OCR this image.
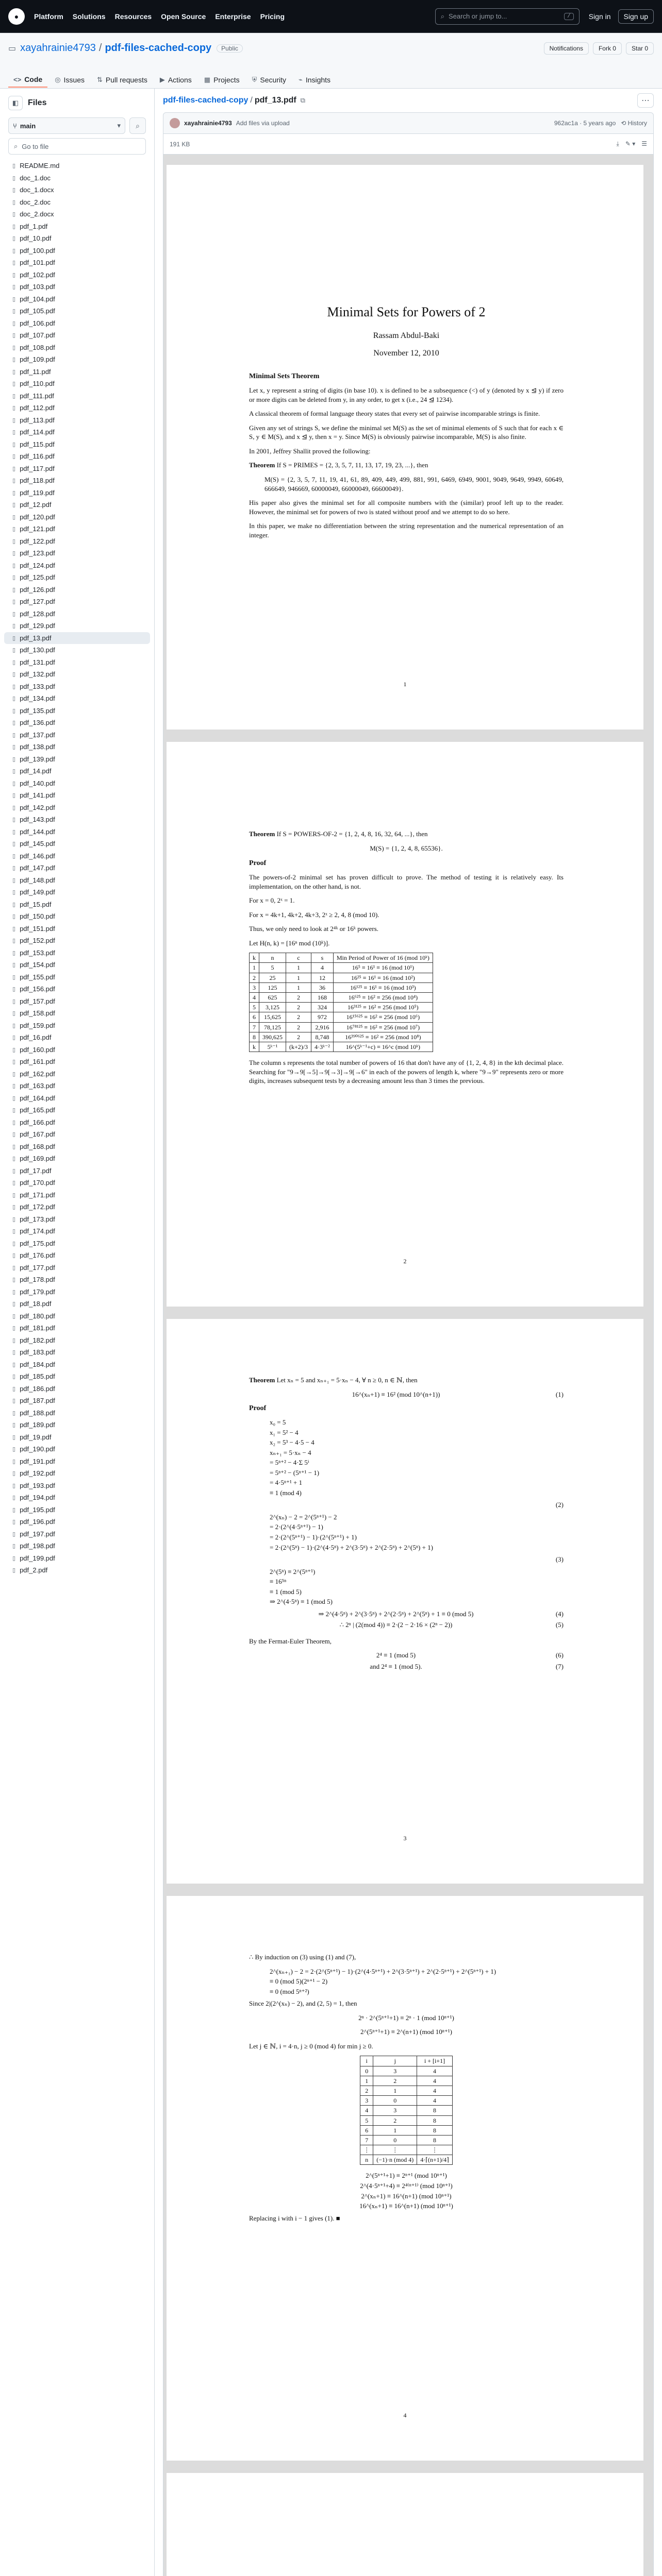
●	Platform Solutions Resources Open Source Enterprise Pricing	⌕ Search or jump to...	/	Sign in	Sign up
▭ xayahrainie4793 / pdf-files-cached-copy	Public	Notifications	Fork 0	Star 0
<> Code ◎ Issues ⇅ Pull requests ▶ Actions ▦ Projects ⛨ Security ⌁ Insights
◧	Files
⑂ main	▾ ⌕
⌕ Go to file
▯ README.md
▯ doc_1.doc
▯ doc_1.docx
▯ doc_2.doc
▯ doc_2.docx
▯ pdf_1.pdf
▯ pdf_10.pdf
▯ pdf_100.pdf
▯ pdf_101.pdf
▯ pdf_102.pdf
▯ pdf_103.pdf
▯ pdf_104.pdf
▯ pdf_105.pdf
▯ pdf_106.pdf
▯ pdf_107.pdf
▯ pdf_108.pdf
▯ pdf_109.pdf
▯ pdf_11.pdf
▯ pdf_110.pdf
▯ pdf_111.pdf
▯ pdf_112.pdf
▯ pdf_113.pdf
▯ pdf_114.pdf
▯ pdf_115.pdf
▯ pdf_116.pdf
▯ pdf_117.pdf
▯ pdf_118.pdf
▯ pdf_119.pdf
▯ pdf_12.pdf
▯ pdf_120.pdf
▯ pdf_121.pdf
▯ pdf_122.pdf
▯ pdf_123.pdf
▯ pdf_124.pdf
▯ pdf_125.pdf
▯ pdf_126.pdf
▯ pdf_127.pdf
▯ pdf_128.pdf
▯ pdf_129.pdf
▯ pdf_13.pdf
▯ pdf_130.pdf
▯ pdf_131.pdf
▯ pdf_132.pdf
▯ pdf_133.pdf
▯ pdf_134.pdf
▯ pdf_135.pdf
▯ pdf_136.pdf
▯ pdf_137.pdf
▯ pdf_138.pdf
▯ pdf_139.pdf
▯ pdf_14.pdf
▯ pdf_140.pdf
▯ pdf_141.pdf
▯ pdf_142.pdf
▯ pdf_143.pdf
▯ pdf_144.pdf
▯ pdf_145.pdf
▯ pdf_146.pdf
▯ pdf_147.pdf
▯ pdf_148.pdf
▯ pdf_149.pdf
▯ pdf_15.pdf
▯ pdf_150.pdf
▯ pdf_151.pdf
▯ pdf_152.pdf
▯ pdf_153.pdf
▯ pdf_154.pdf
▯ pdf_155.pdf
▯ pdf_156.pdf
▯ pdf_157.pdf
▯ pdf_158.pdf
▯ pdf_159.pdf
▯ pdf_16.pdf
▯ pdf_160.pdf
▯ pdf_161.pdf
▯ pdf_162.pdf
▯ pdf_163.pdf
▯ pdf_164.pdf
▯ pdf_165.pdf
▯ pdf_166.pdf
▯ pdf_167.pdf
▯ pdf_168.pdf
▯ pdf_169.pdf
▯ pdf_17.pdf
▯ pdf_170.pdf
▯ pdf_171.pdf
▯ pdf_172.pdf
▯ pdf_173.pdf
▯ pdf_174.pdf
▯ pdf_175.pdf
▯ pdf_176.pdf
▯ pdf_177.pdf
▯ pdf_178.pdf
▯ pdf_179.pdf
▯ pdf_18.pdf
▯ pdf_180.pdf
▯ pdf_181.pdf
▯ pdf_182.pdf
▯ pdf_183.pdf
▯ pdf_184.pdf
▯ pdf_185.pdf
▯ pdf_186.pdf
▯ pdf_187.pdf
▯ pdf_188.pdf
▯ pdf_189.pdf
▯ pdf_19.pdf
▯ pdf_190.pdf
▯ pdf_191.pdf
▯ pdf_192.pdf
▯ pdf_193.pdf
▯ pdf_194.pdf
▯ pdf_195.pdf
▯ pdf_196.pdf
▯ pdf_197.pdf
▯ pdf_198.pdf
▯ pdf_199.pdf
▯ pdf_2.pdf
pdf-files-cached-copy / pdf_13.pdf ⧉	⋯
xayahrainie4793 Add files via upload	962ac1a · 5 years ago ⟲ History
191 KB	⤓ ✎ ▾ ☰
Minimal Sets for Powers of 2
Rassam Abdul-Baki
November 12, 2010
Minimal Sets Theorem

Let x, y represent a string of digits (in base 10). x is defined to be a subsequence (<) of y (denoted by x ⊴ y) if zero or more digits can be deleted from y, in any order, to get x (i.e., 24 ⊴ 1234).

A classical theorem of formal language theory states that every set of pairwise incomparable strings is finite.

Given any set of strings S, we define the minimal set M(S) as the set of minimal elements of S such that for each x ∈ S, y ∈ M(S), and x ⊴ y, then x = y. Since M(S) is obviously pairwise incomparable, M(S) is also finite.

In 2001, Jeffrey Shallit proved the following:

Theorem If S = PRIMES = {2, 3, 5, 7, 11, 13, 17, 19, 23, ...}, then

M(S) = {2, 3, 5, 7, 11, 19, 41, 61, 89, 409, 449, 499, 881, 991, 6469, 6949, 9001, 9049, 9649, 9949, 60649, 666649, 946669, 60000049, 66000049, 66600049}.

His paper also gives the minimal set for all composite numbers with the (similar) proof left up to the reader. However, the minimal set for powers of two is stated without proof and we attempt to do so here.

In this paper, we make no differentiation between the string representation and the numerical representation of an integer.

1

Theorem If S = POWERS-OF-2 = {1, 2, 4, 8, 16, 32, 64, ...}, then

M(S) = {1, 2, 4, 8, 65536}.
Proof

The powers-of-2 minimal set has proven difficult to prove. The method of testing it is relatively easy. Its implementation, on the other hand, is not.

For x = 0, 2ˣ = 1.

For x = 4k+1, 4k+2, 4k+3, 2ˣ ≥ 2, 4, 8 (mod 10).

Thus, we only need to look at 2⁴ᵏ or 16ᵏ powers.

Let H(n, k) = [16ⁿ mod (10ᵏ)].

k	n	c	s	Min Period of Power of 16 (mod 10ᵏ)
1	5	1	4	16⁵ ≡ 16¹ ≡ 16 (mod 10¹)
2	25	1	12	16²⁵ ≡ 16¹ ≡ 16 (mod 10²)
3	125	1	36	16¹²⁵ ≡ 16¹ ≡ 16 (mod 10³)
4	625	2	168	16⁶²⁵ ≡ 16² ≡ 256 (mod 10⁴)
5	3,125	2	324	16³¹²⁵ ≡ 16² ≡ 256 (mod 10⁵)
6	15,625	2	972	16¹⁵⁶²⁵ ≡ 16² ≡ 256 (mod 10⁶)
7	78,125	2	2,916	16⁷⁸¹²⁵ ≡ 16² ≡ 256 (mod 10⁷)
8	390,625	2	8,748	16³⁹⁰⁶²⁵ ≡ 16² ≡ 256 (mod 10⁸)
k	5ᵏ⁻¹	(k+2)/3	4·3ᵏ⁻²	16^(5ᵏ⁻¹+c) ≡ 16^c (mod 10ᵏ)

The column s represents the total number of powers of 16 that don't have any of {1, 2, 4, 8} in the kth decimal place. Searching for "9→9[→5]→9[→3]→9[→6" in each of the powers of length k, where "9→9" represents zero or more digits, increases subsequent tests by a decreasing amount less than 3 times the previous.

2

Theorem Let xₙ = 5 and xₙ₊₁ = 5·xₙ − 4, ∀ n ≥ 0, n ∈ ℕ, then

16^(xₙ+1) ≡ 16² (mod 10^(n+1))	(1)
Proof
x₀ = 5
x₁ = 5² − 4
x₂ = 5³ − 4·5 − 4
xₙ₊₁ = 5·xₙ − 4
= 5ⁿ⁺² − 4·Σ 5ⁱ
= 5ⁿ⁺² − (5ⁿ⁺¹ − 1)
= 4·5ⁿ⁺¹ + 1
≡ 1 (mod 4)
(2)
2^(xₙ) − 2 = 2^(5ⁿ⁺¹) − 2
= 2·(2^(4·5ⁿ⁺¹) − 1)
= 2·(2^(5ⁿ⁺¹) − 1)·(2^(5ⁿ⁺¹) + 1)
= 2·(2^(5ⁿ) − 1)·(2^(4·5ⁿ) + 2^(3·5ⁿ) + 2^(2·5ⁿ) + 2^(5ⁿ) + 1)
(3)
2^(5ⁿ) ≡ 2^(5ⁿ⁺¹)
≡ 16⁵ⁿ
≡ 1 (mod 5)
⇒ 2^(4·5ⁿ) ≡ 1 (mod 5)
⇒ 2^(4·5ⁿ) + 2^(3·5ⁿ) + 2^(2·5ⁿ) + 2^(5ⁿ) + 1 ≡ 0 (mod 5)	(4)
∴ 2ⁿ | (2(mod 4)) ≡ 2·(2 − 2·16 × (2ⁿ − 2))	(5)

By the Fermat-Euler Theorem,

2⁴ ≡ 1 (mod 5)	(6)
and 2⁴ ≡ 1 (mod 5).	(7)
3

∴ By induction on (3) using (1) and (7),

2^(xₙ₊₁) − 2 = 2·(2^(5ⁿ⁺¹) − 1)·(2^(4·5ⁿ⁺¹) + 2^(3·5ⁿ⁺¹) + 2^(2·5ⁿ⁺¹) + 2^(5ⁿ⁺¹) + 1)
≡ 0 (mod 5)(2ⁿ⁺¹ − 2)
≡ 0 (mod 5ⁿ⁺²)

Since 2|(2^(xₙ) − 2), and (2, 5) = 1, then

2ⁿ · 2^(5ⁿ⁺¹+1) ≡ 2ⁿ · 1 (mod 10ⁿ⁺¹)
2^(5ⁿ⁺¹+1) ≡ 2^(n+1) (mod 10ⁿ⁺¹)

Let j ∈ ℕ, i = 4·n, j ≥ 0 (mod 4) for min j ≥ 0.

i	j	i + [i+1]
0	3	4
1	2	4
2	1	4
3	0	4
4	3	8
5	2	8
6	1	8
7	0	8
⋮	⋮	⋮
n	(−1)·n (mod 4)	4·⌈(n+1)/4⌉
2^(5ⁿ⁺¹+1) ≡ 2ⁿ⁺¹ (mod 10ⁿ⁺¹)
2^(4·5ⁿ⁺¹+4) ≡ 2⁴⁽ⁿ⁺¹⁾ (mod 10ⁿ⁺¹)
2^(xₙ+1) ≡ 16^(n+1) (mod 10ⁿ⁺¹)
16^(xₙ+1) ≡ 16^(n+1) (mod 10ⁿ⁺¹)

Replacing i with i − 1 gives (1). ■

4
